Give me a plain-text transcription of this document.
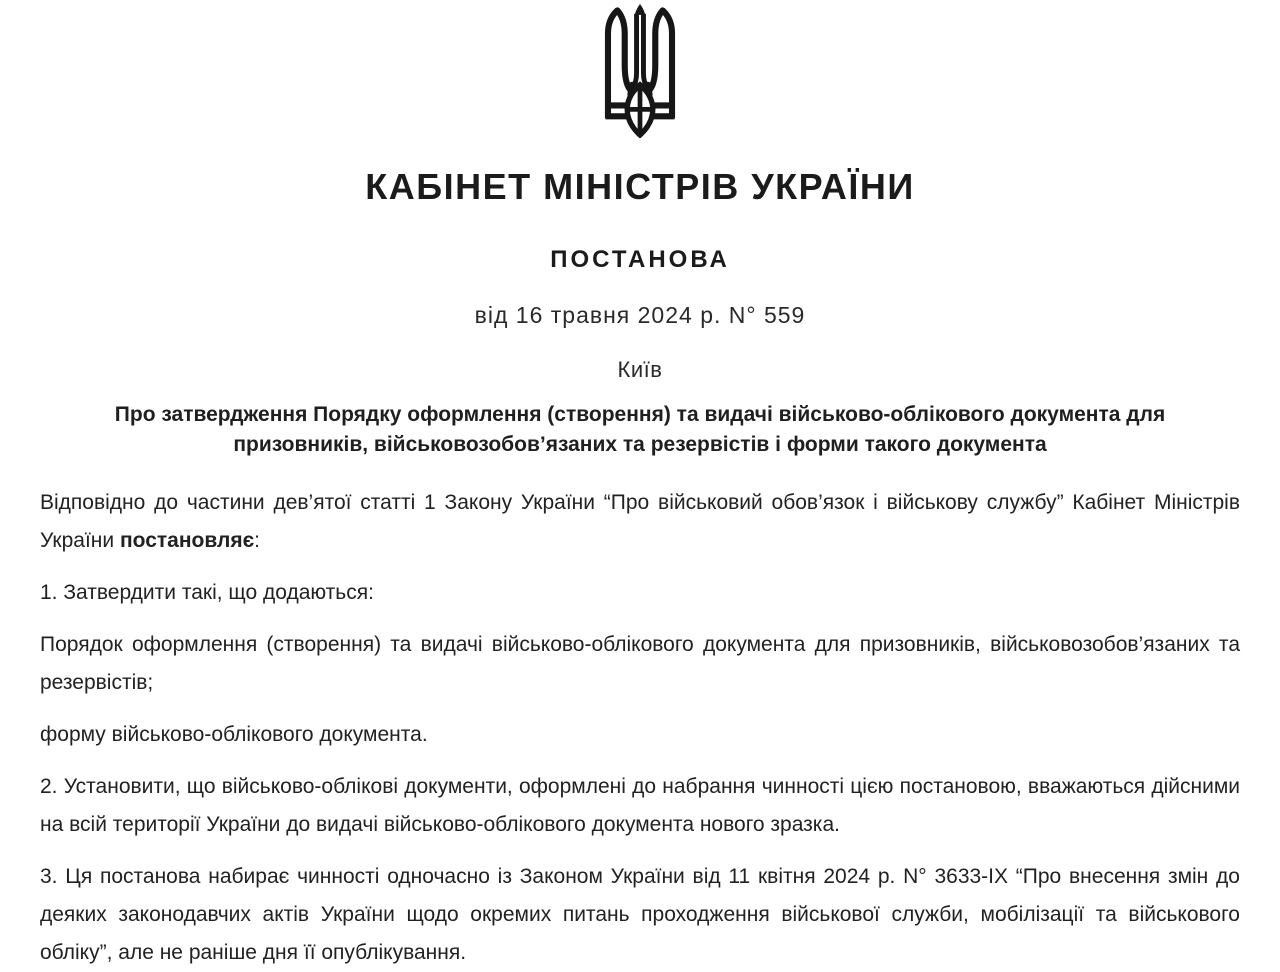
КАБІНЕТ МІНІСТРІВ УКРАЇНИ
ПОСТАНОВА
від 16 травня 2024 р. N° 559
Київ
Про затвердження Порядку оформлення (створення) та видачі військово-облікового документа для призовників, військовозобов’язаних та резервістів і форми такого документа

Відповідно до частини дев’ятої статті 1 Закону України “Про військовий обов’язок і військову службу” Кабінет Міністрів України постановляє:

1. Затвердити такі, що додаються:

Порядок оформлення (створення) та видачі військово-облікового документа для призовників, військовозобов’язаних та резервістів;

форму військово-облікового документа.

2. Установити, що військово-облікові документи, оформлені до набрання чинності цією постановою, вважаються дійсними на всій території України до видачі військово-облікового документа нового зразка.

3. Ця постанова набирає чинності одночасно із Законом України від 11 квітня 2024 р. N° 3633-IX “Про внесення змін до деяких законодавчих актів України щодо окремих питань проходження військової служби, мобілізації та військового обліку”, але не раніше дня її опублікування.
